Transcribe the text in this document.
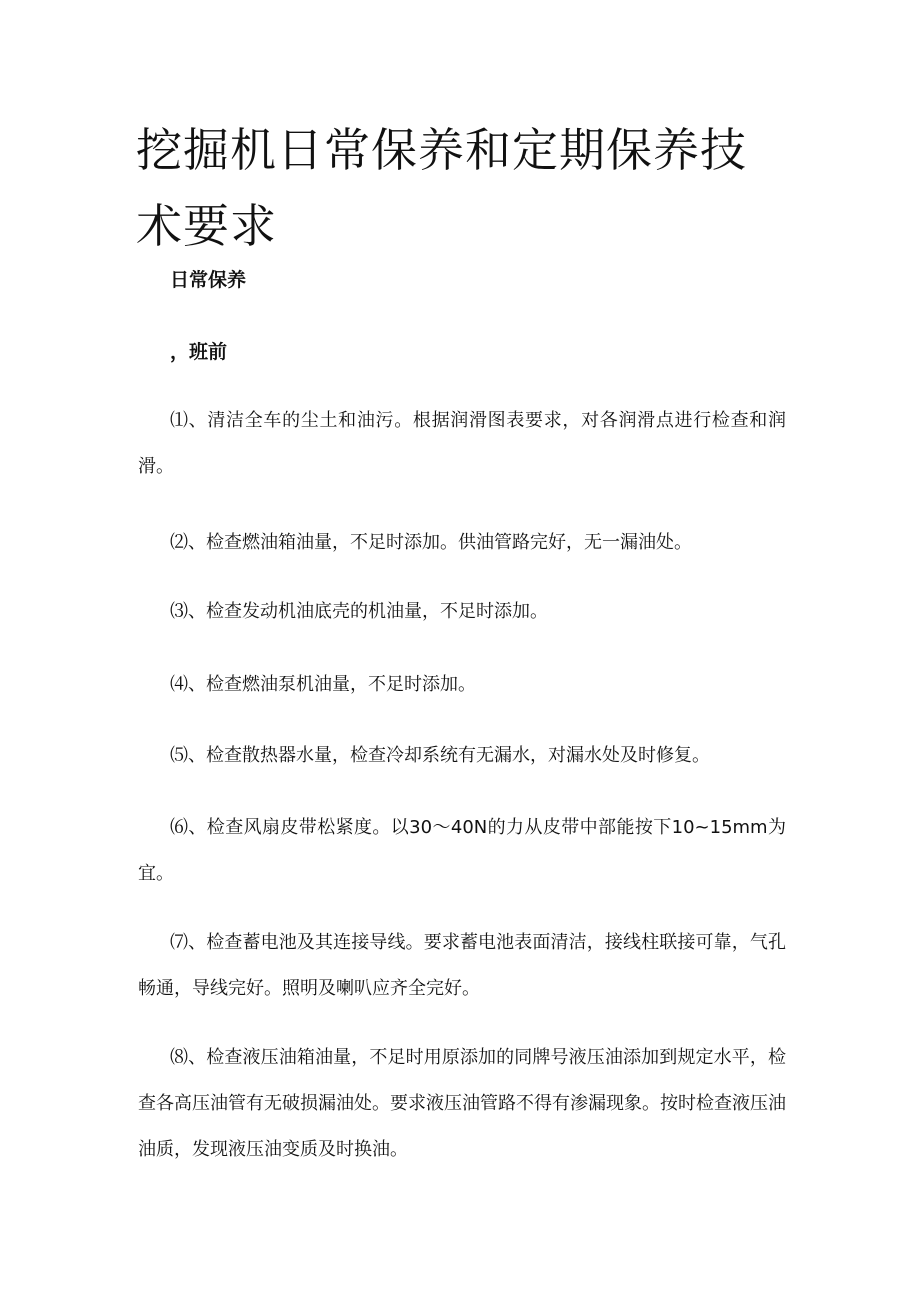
挖掘机日常保养和定期保养技术要求
日常保养
，班前

⑴、清洁全车的尘土和油污。根据润滑图表要求，对各润滑点进行检查和润滑。

⑵、检查燃油箱油量，不足时添加。供油管路完好，无一漏油处。

⑶、检查发动机油底壳的机油量，不足时添加。

⑷、检查燃油泵机油量，不足时添加。

⑸、检查散热器水量，检查冷却系统有无漏水，对漏水处及时修复。

⑹、检查风扇皮带松紧度。以30～40N的力从皮带中部能按下10~15mm为宜。

⑺、检查蓄电池及其连接导线。要求蓄电池表面清洁，接线柱联接可靠，气孔畅通，导线完好。照明及喇叭应齐全完好。

⑻、检查液压油箱油量，不足时用原添加的同牌号液压油添加到规定水平，检查各高压油管有无破损漏油处。要求液压油管路不得有渗漏现象。按时检查液压油油质，发现液压油变质及时换油。
